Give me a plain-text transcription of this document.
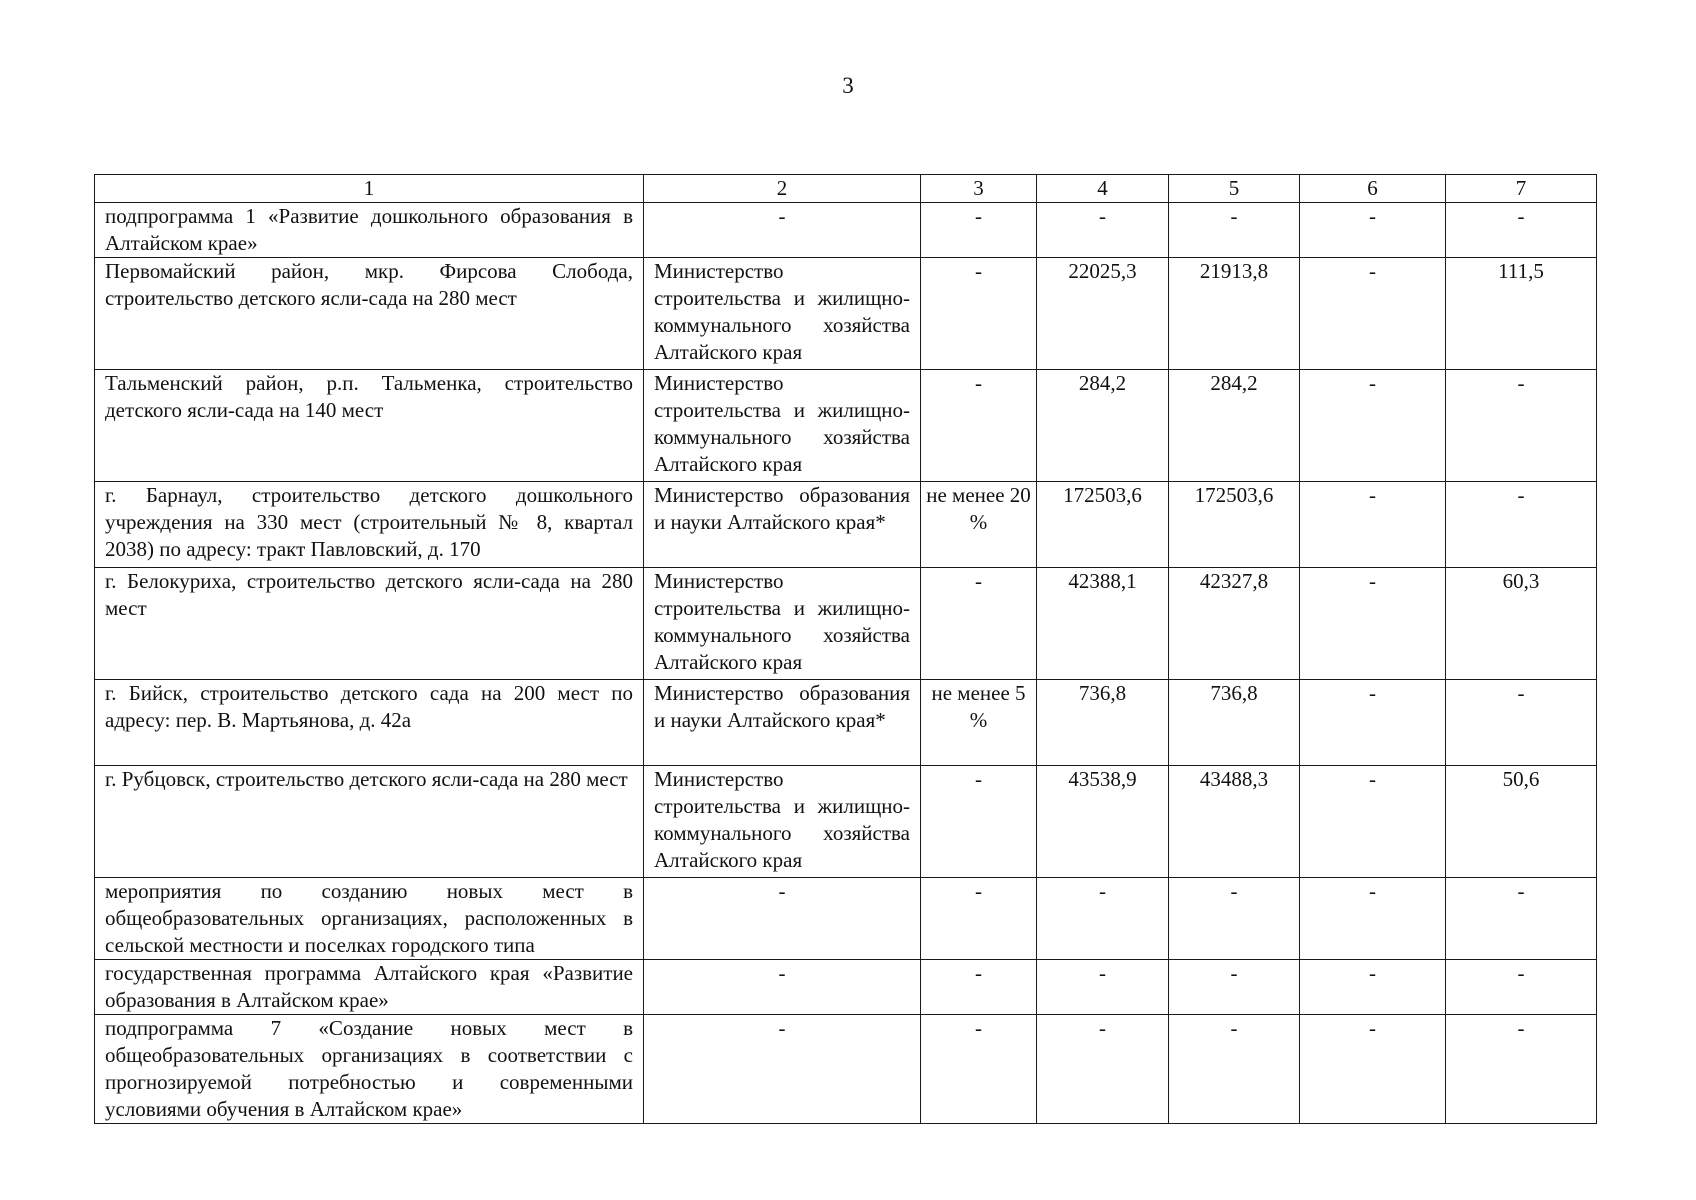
3
1	2	3	4	5	6	7
подпрограмма 1 «Развитие дошкольного образования в Алтайском крае»	-	-	-	-	-	-
Первомайский район, мкр. Фирсова Слобода, строительство детского ясли-сада на 280 мест	Министерство строительства и жилищно-коммунального хозяйства Алтайского края	-	22025,3	21913,8	-	111,5
Тальменский район, р.п. Тальменка, строительство детского ясли-сада на 140 мест	Министерство строительства и жилищно-коммунального хозяйства Алтайского края	-	284,2	284,2	-	-
г. Барнаул, строительство детского дошкольного учреждения на 330 мест (строительный № 8, квартал 2038) по адресу: тракт Павловский, д. 170	Министерство образования и науки Алтайского края*	не менее 20 %	172503,6	172503,6	-	-
г. Белокуриха, строительство детского ясли-сада на 280 мест	Министерство строительства и жилищно-коммунального хозяйства Алтайского края	-	42388,1	42327,8	-	60,3
г. Бийск, строительство детского сада на 200 мест по адресу: пер. В. Мартьянова, д. 42а	Министерство образования и науки Алтайского края*	не менее 5 %	736,8	736,8	-	-
г. Рубцовск, строительство детского ясли-сада на 280 мест	Министерство строительства и жилищно-коммунального хозяйства Алтайского края	-	43538,9	43488,3	-	50,6
мероприятия по созданию новых мест в общеобразовательных организациях, расположенных в сельской местности и поселках городского типа	-	-	-	-	-	-
государственная программа Алтайского края «Развитие образования в Алтайском крае»	-	-	-	-	-	-
подпрограмма 7 «Создание новых мест в общеобразовательных организациях в соответствии с прогнозируемой потребностью и современными условиями обучения в Алтайском крае»	-	-	-	-	-	-
